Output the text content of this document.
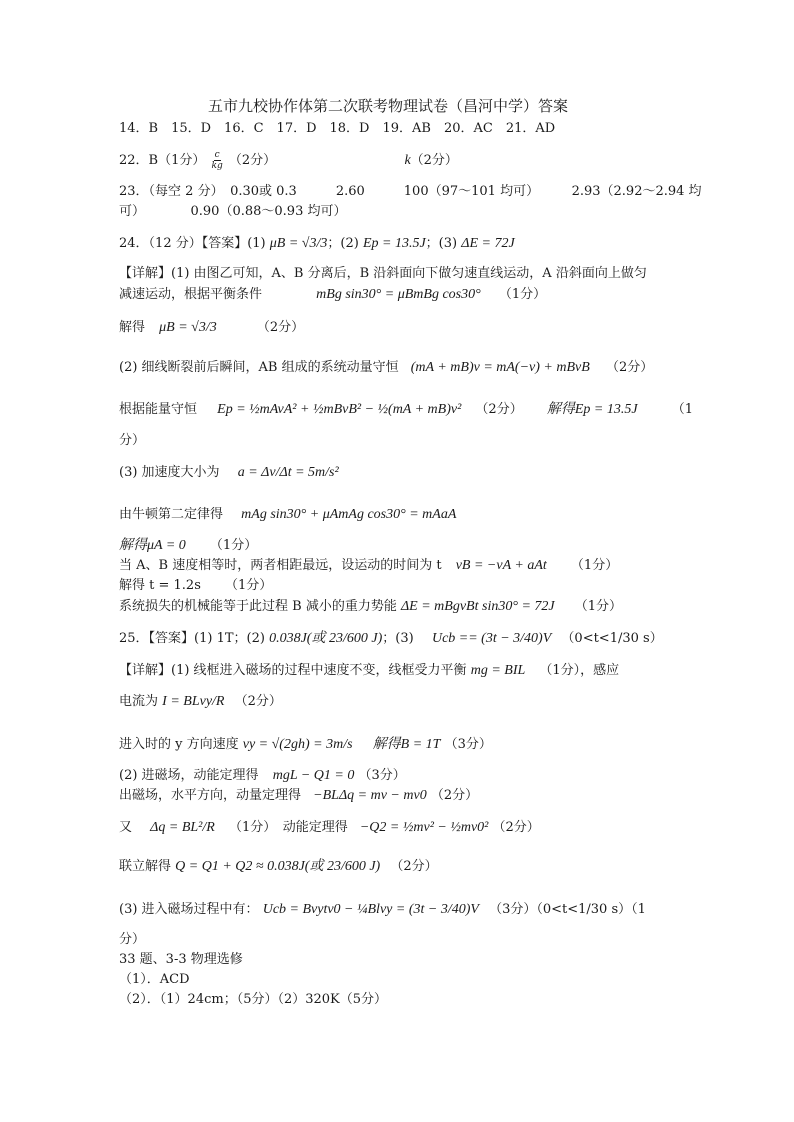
五市九校协作体第二次联考物理试卷（昌河中学）答案
14．B　15．D　16．C　17．D　18．D　19．AB　20．AC　21．AD
22．B（1分） $\frac{c}{kg} (2$分）	k（2分）
23．（每空 2 分）　0.30或 0.3　　　2.60　　　100（97～101 均可）　　　2.93（2.92～2.94 均
可）　　　　0.90（0.88～0.93 均可）
24．（12 分）【答案】(1) μB = √3/3；(2) Ep = 13.5J；(3) ΔE = 72J
【详解】(1) 由图乙可知，A、B 分离后，B 沿斜面向下做匀速直线运动，A 沿斜面向上做匀
减速运动，根据平衡条件	mBg sin30° = μBmBg cos30° （1分）
解得 μB = √3/3	（2分）
(2) 细线断裂前后瞬间，AB 组成的系统动量守恒 (mA + mB)v = mA(−v) + mBvB （2分）
根据能量守恒 Ep = ½mAvA² + ½mBvB² − ½(mA + mB)v² （2分） 解得Ep = 13.5J	（1
分）
(3) 加速度大小为 a = Δv/Δt = 5m/s²
由牛顿第二定律得 mAg sin30° + μAmAg cos30° = mAaA
解得μA = 0 （1分）
当 A、B 速度相等时，两者相距最远，设运动的时间为 t vB = −vA + aAt （1分）
解得 t = 1.2s （1分）
系统损失的机械能等于此过程 B 减小的重力势能 ΔE = mBgvBt sin30° = 72J （1分）
25．【答案】(1) 1T；(2) 0.038J(或 23/600 J)；(3) Ucb == (3t − 3/40)V （0<t<1/30 s）
【详解】(1) 线框进入磁场的过程中速度不变，线框受力平衡 mg = BIL （1分），感应
电流为 I = BLvy/R （2分）
进入时的 y 方向速度 vy = √(2gh) = 3m/s 解得B = 1T （3分）
(2) 进磁场，动能定理得 mgL − Q1 = 0 （3分）
出磁场，水平方向，动量定理得 −BLΔq = mv − mv0 （2分）
又 Δq = BL²/R （1分）　动能定理得 −Q2 = ½mv² − ½mv0² （2分）
联立解得 Q = Q1 + Q2 ≈ 0.038J(或 23/600 J) （2分）
(3) 进入磁场过程中有： Ucb = Bvytv0 − ¼Blvy = (3t − 3/40)V （3分）（0<t<1/30 s）（1
分）
33 题、3-3 物理选修
（1）．ACD
（2）．（1）24cm；（5分）（2）320K（5分）
